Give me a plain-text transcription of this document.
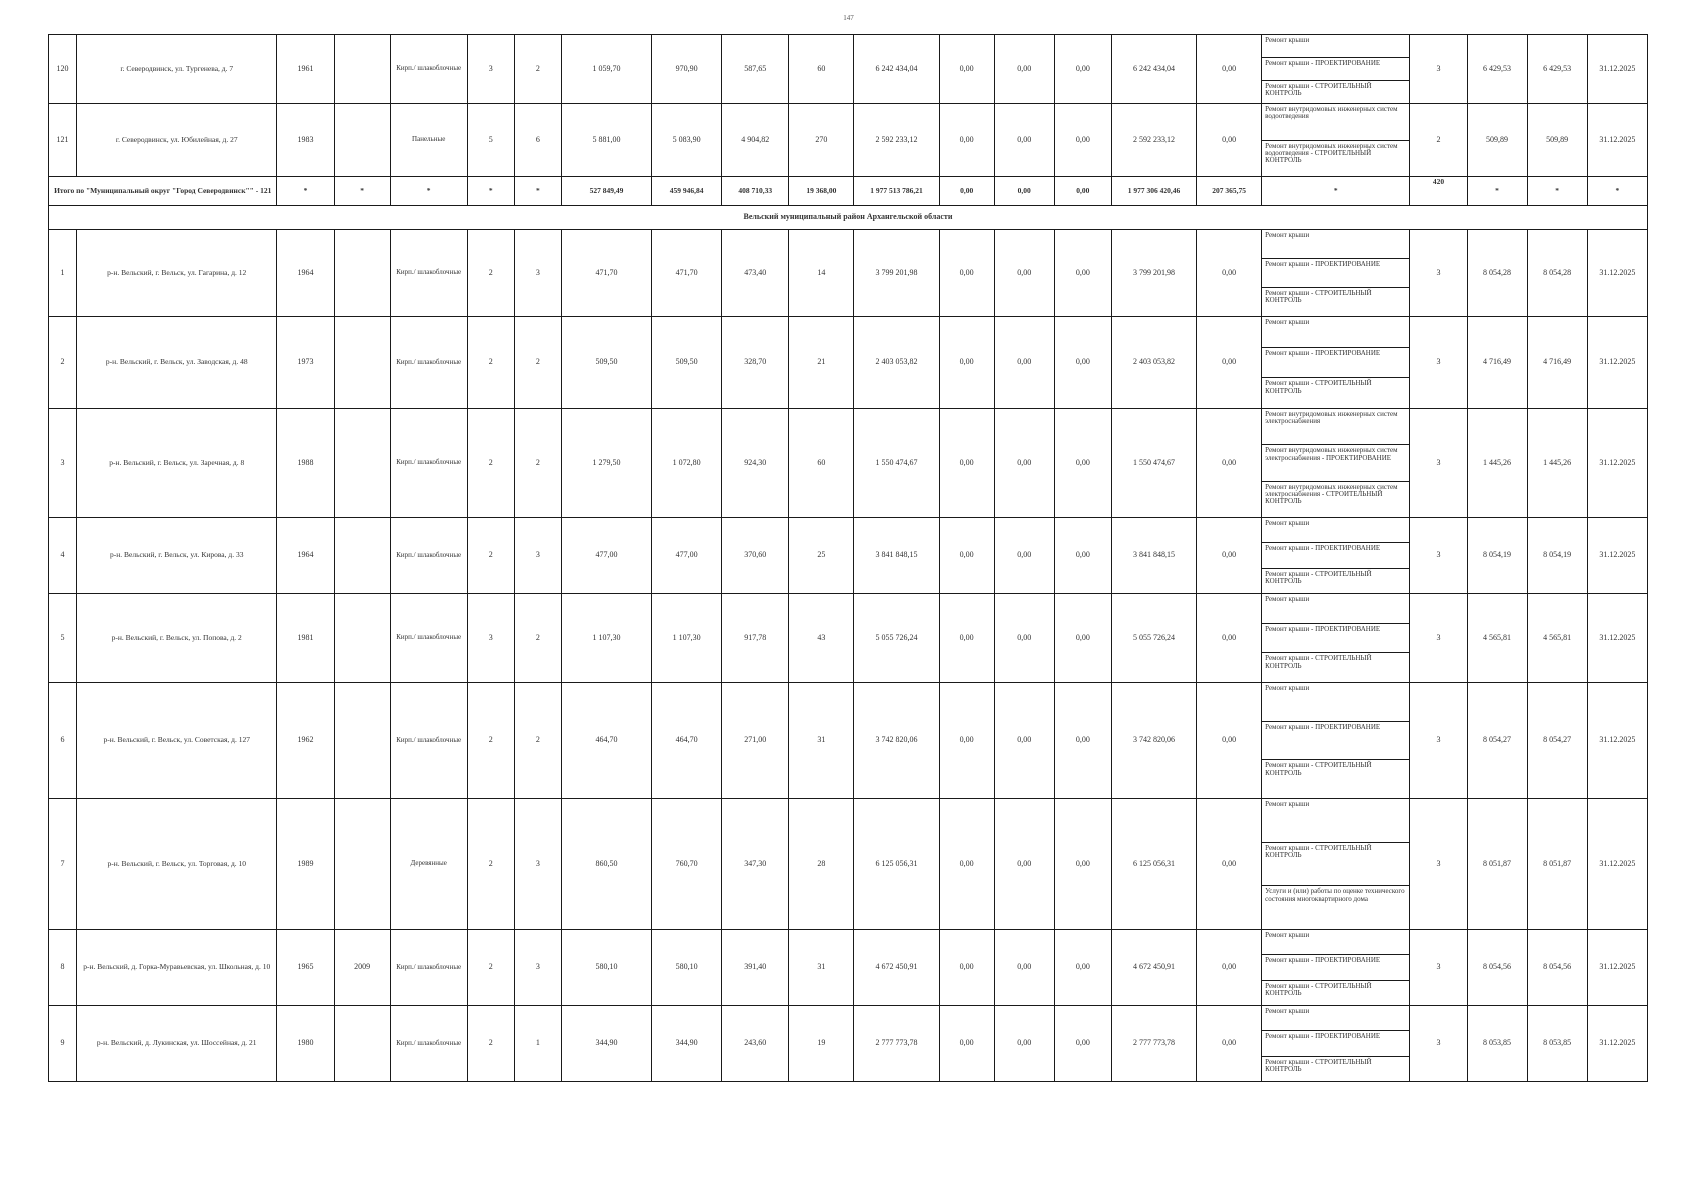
147
120	г. Северодвинск, ул. Тургенева, д. 7	1961		Кирп./ шлакоблочные	3	2	1 059,70	970,90	587,65	60	6 242 434,04	0,00	0,00	0,00	6 242 434,04	0,00	Ремонт крыши
Ремонт крыши - ПРОЕКТИРОВАНИЕ
Ремонт крыши - СТРОИТЕЛЬНЫЙ КОНТРОЛЬ	3	6 429,53	6 429,53	31.12.2025
121	г. Северодвинск, ул. Юбилейная, д. 27	1983		Панельные	5	6	5 881,00	5 083,90	4 904,82	270	2 592 233,12	0,00	0,00	0,00	2 592 233,12	0,00	Ремонт внутридомовых инженерных систем водоотведения
Ремонт внутридомовых инженерных систем водоотведения - СТРОИТЕЛЬНЫЙ КОНТРОЛЬ	2	509,89	509,89	31.12.2025
Итого по "Муниципальный округ "Город Северодвинск"" - 121		*	*	*	*	*	527 849,49	459 946,84	408 710,33	19 368,00	1 977 513 786,21	0,00	0,00	0,00	1 977 306 420,46	207 365,75	*	420	*	*	*
Вельский муниципальный район Архангельской области																					
1	р-н. Вельский, г. Вельск, ул. Гагарина, д. 12	1964		Кирп./ шлакоблочные	2	3	471,70	471,70	473,40	14	3 799 201,98	0,00	0,00	0,00	3 799 201,98	0,00	Ремонт крыши
Ремонт крыши - ПРОЕКТИРОВАНИЕ
Ремонт крыши - СТРОИТЕЛЬНЫЙ КОНТРОЛЬ	3	8 054,28	8 054,28	31.12.2025
2	р-н. Вельский, г. Вельск, ул. Заводская, д. 48	1973		Кирп./ шлакоблочные	2	2	509,50	509,50	328,70	21	2 403 053,82	0,00	0,00	0,00	2 403 053,82	0,00	Ремонт крыши
Ремонт крыши - ПРОЕКТИРОВАНИЕ
Ремонт крыши - СТРОИТЕЛЬНЫЙ КОНТРОЛЬ	3	4 716,49	4 716,49	31.12.2025
3	р-н. Вельский, г. Вельск, ул. Заречная, д. 8	1988		Кирп./ шлакоблочные	2	2	1 279,50	1 072,80	924,30	60	1 550 474,67	0,00	0,00	0,00	1 550 474,67	0,00	Ремонт внутридомовых инженерных систем электроснабжения
Ремонт внутридомовых инженерных систем электроснабжения - ПРОЕКТИРОВАНИЕ
Ремонт внутридомовых инженерных систем электроснабжения - СТРОИТЕЛЬНЫЙ КОНТРОЛЬ	3	1 445,26	1 445,26	31.12.2025
4	р-н. Вельский, г. Вельск, ул. Кирова, д. 33	1964		Кирп./ шлакоблочные	2	3	477,00	477,00	370,60	25	3 841 848,15	0,00	0,00	0,00	3 841 848,15	0,00	Ремонт крыши
Ремонт крыши - ПРОЕКТИРОВАНИЕ
Ремонт крыши - СТРОИТЕЛЬНЫЙ КОНТРОЛЬ	3	8 054,19	8 054,19	31.12.2025
5	р-н. Вельский, г. Вельск, ул. Попова, д. 2	1981		Кирп./ шлакоблочные	3	2	1 107,30	1 107,30	917,78	43	5 055 726,24	0,00	0,00	0,00	5 055 726,24	0,00	Ремонт крыши
Ремонт крыши - ПРОЕКТИРОВАНИЕ
Ремонт крыши - СТРОИТЕЛЬНЫЙ КОНТРОЛЬ	3	4 565,81	4 565,81	31.12.2025
6	р-н. Вельский, г. Вельск, ул. Советская, д. 127	1962		Кирп./ шлакоблочные	2	2	464,70	464,70	271,00	31	3 742 820,06	0,00	0,00	0,00	3 742 820,06	0,00	Ремонт крыши
Ремонт крыши - ПРОЕКТИРОВАНИЕ
Ремонт крыши - СТРОИТЕЛЬНЫЙ КОНТРОЛЬ	3	8 054,27	8 054,27	31.12.2025
7	р-н. Вельский, г. Вельск, ул. Торговая, д. 10	1989		Деревянные	2	3	860,50	760,70	347,30	28	6 125 056,31	0,00	0,00	0,00	6 125 056,31	0,00	Ремонт крыши
Ремонт крыши - СТРОИТЕЛЬНЫЙ КОНТРОЛЬ
Услуги и (или) работы по оценке технического состояния многоквартирного дома	3	8 051,87	8 051,87	31.12.2025
8	р-н. Вельский, д. Горка-Муравьевская, ул. Школьная, д. 10	1965	2009	Кирп./ шлакоблочные	2	3	580,10	580,10	391,40	31	4 672 450,91	0,00	0,00	0,00	4 672 450,91	0,00	Ремонт крыши
Ремонт крыши - ПРОЕКТИРОВАНИЕ
Ремонт крыши - СТРОИТЕЛЬНЫЙ КОНТРОЛЬ	3	8 054,56	8 054,56	31.12.2025
9	р-н. Вельский, д. Лукинская, ул. Шоссейная, д. 21	1980		Кирп./ шлакоблочные	2	1	344,90	344,90	243,60	19	2 777 773,78	0,00	0,00	0,00	2 777 773,78	0,00	Ремонт крыши
Ремонт крыши - ПРОЕКТИРОВАНИЕ
Ремонт крыши - СТРОИТЕЛЬНЫЙ КОНТРОЛЬ	3	8 053,85	8 053,85	31.12.2025
